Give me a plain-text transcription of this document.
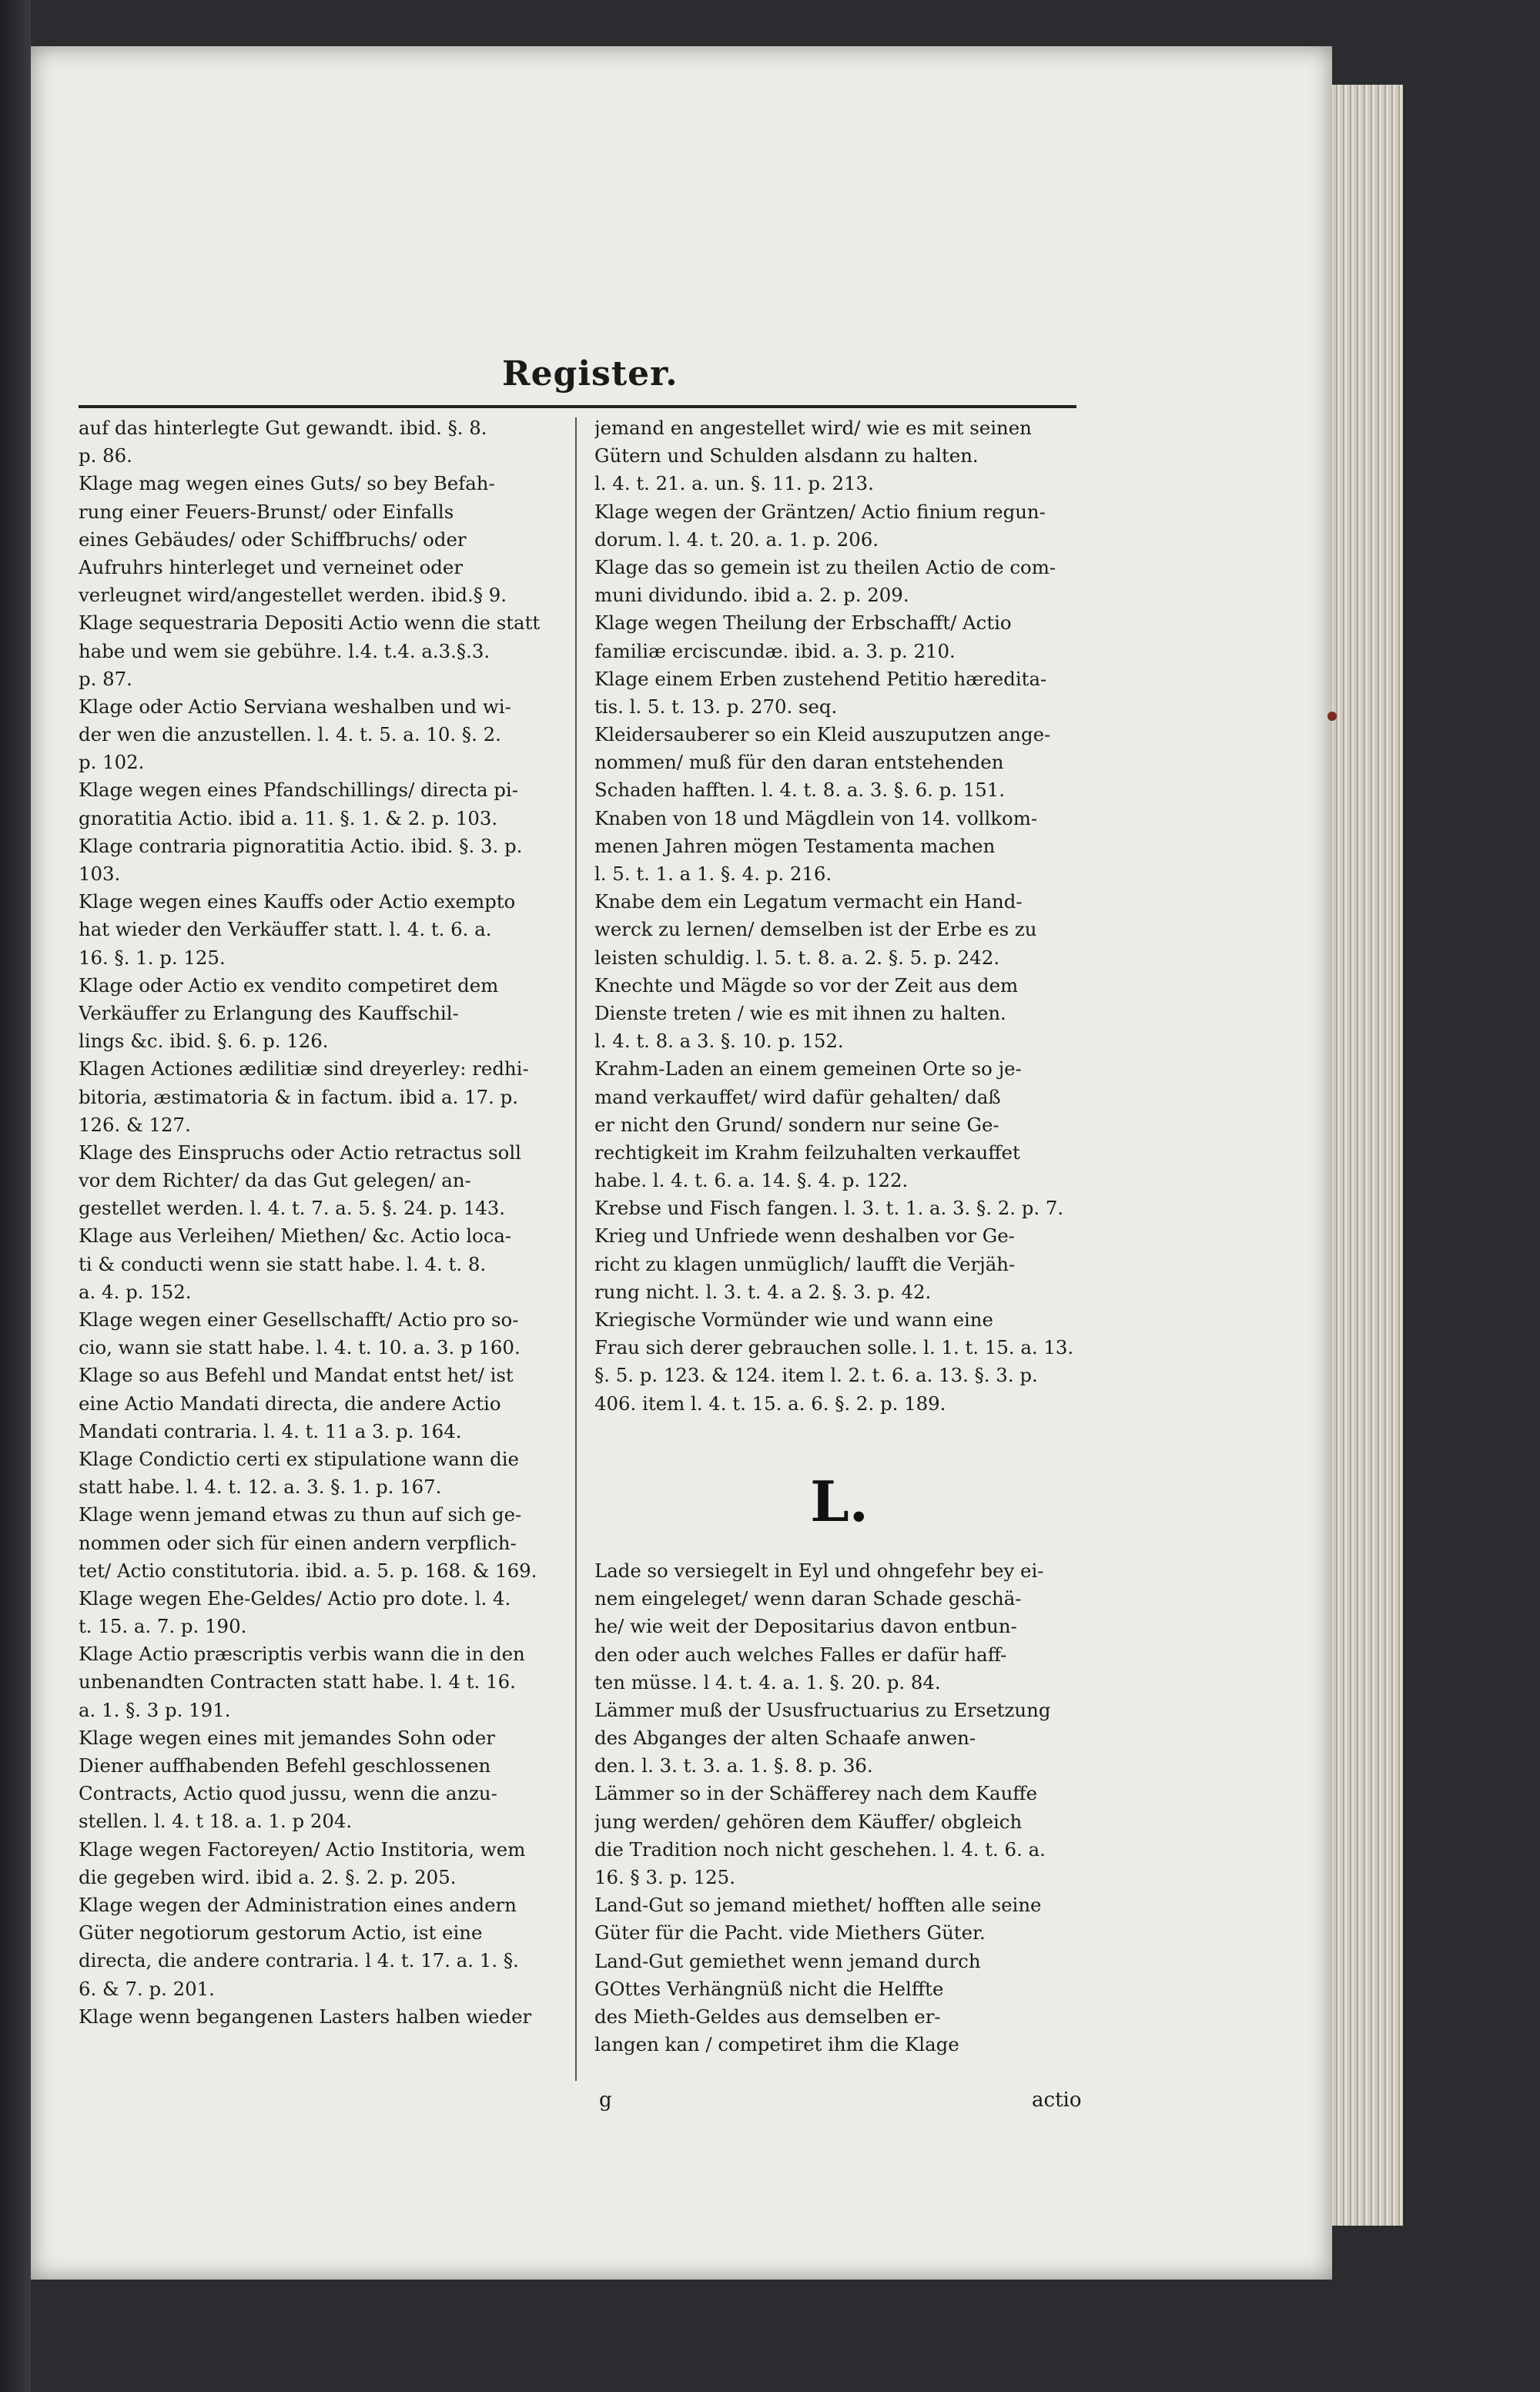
Register.
auf das hinterlegte Gut gewandt. ibid. §. 8.
p. 86.
Klage mag wegen eines Guts/ so bey Befah-
rung einer Feuers-Brunst/ oder Einfalls
eines Gebäudes/ oder Schiffbruchs/ oder
Aufruhrs hinterleget und verneinet oder
verleugnet wird/angestellet werden. ibid.§ 9.
Klage sequestraria Depositi Actio wenn die statt
habe und wem sie gebühre. l.4. t.4. a.3.§.3.
p. 87.
Klage oder Actio Serviana weshalben und wi-
der wen die anzustellen. l. 4. t. 5. a. 10. §. 2.
p. 102.
Klage wegen eines Pfandschillings/ directa pi-
gnoratitia Actio. ibid a. 11. §. 1. & 2. p. 103.
Klage contraria pignoratitia Actio. ibid. §. 3. p.
103.
Klage wegen eines Kauffs oder Actio exempto
hat wieder den Verkäuffer statt. l. 4. t. 6. a.
16. §. 1. p. 125.
Klage oder Actio ex vendito competiret dem
Verkäuffer zu Erlangung des Kauffschil-
lings &c. ibid. §. 6. p. 126.
Klagen Actiones ædilitiæ sind dreyerley: redhi-
bitoria, æstimatoria & in factum. ibid a. 17. p.
126. & 127.
Klage des Einspruchs oder Actio retractus soll
vor dem Richter/ da das Gut gelegen/ an-
gestellet werden. l. 4. t. 7. a. 5. §. 24. p. 143.
Klage aus Verleihen/ Miethen/ &c. Actio loca-
ti & conducti wenn sie statt habe. l. 4. t. 8.
a. 4. p. 152.
Klage wegen einer Gesellschafft/ Actio pro so-
cio, wann sie statt habe. l. 4. t. 10. a. 3. p 160.
Klage so aus Befehl und Mandat entst het/ ist
eine Actio Mandati directa, die andere Actio
Mandati contraria. l. 4. t. 11 a 3. p. 164.
Klage Condictio certi ex stipulatione wann die
statt habe. l. 4. t. 12. a. 3. §. 1. p. 167.
Klage wenn jemand etwas zu thun auf sich ge-
nommen oder sich für einen andern verpflich-
tet/ Actio constitutoria. ibid. a. 5. p. 168. & 169.
Klage wegen Ehe-Geldes/ Actio pro dote. l. 4.
t. 15. a. 7. p. 190.
Klage Actio præscriptis verbis wann die in den
unbenandten Contracten statt habe. l. 4 t. 16.
a. 1. §. 3 p. 191.
Klage wegen eines mit jemandes Sohn oder
Diener auffhabenden Befehl geschlossenen
Contracts, Actio quod jussu, wenn die anzu-
stellen. l. 4. t 18. a. 1. p 204.
Klage wegen Factoreyen/ Actio Institoria, wem
die gegeben wird. ibid a. 2. §. 2. p. 205.
Klage wegen der Administration eines andern
Güter negotiorum gestorum Actio, ist eine
directa, die andere contraria. l 4. t. 17. a. 1. §.
6. & 7. p. 201.
Klage wenn begangenen Lasters halben wieder
jemand en angestellet wird/ wie es mit seinen
Gütern und Schulden alsdann zu halten.
l. 4. t. 21. a. un. §. 11. p. 213.
Klage wegen der Gräntzen/ Actio finium regun-
dorum. l. 4. t. 20. a. 1. p. 206.
Klage das so gemein ist zu theilen Actio de com-
muni dividundo. ibid a. 2. p. 209.
Klage wegen Theilung der Erbschafft/ Actio
familiæ erciscundæ. ibid. a. 3. p. 210.
Klage einem Erben zustehend Petitio hæredita-
tis. l. 5. t. 13. p. 270. seq.
Kleidersauberer so ein Kleid auszuputzen ange-
nommen/ muß für den daran entstehenden
Schaden hafften. l. 4. t. 8. a. 3. §. 6. p. 151.
Knaben von 18 und Mägdlein von 14. vollkom-
menen Jahren mögen Testamenta machen
l. 5. t. 1. a 1. §. 4. p. 216.
Knabe dem ein Legatum vermacht ein Hand-
werck zu lernen/ demselben ist der Erbe es zu
leisten schuldig. l. 5. t. 8. a. 2. §. 5. p. 242.
Knechte und Mägde so vor der Zeit aus dem
Dienste treten / wie es mit ihnen zu halten.
l. 4. t. 8. a 3. §. 10. p. 152.
Krahm-Laden an einem gemeinen Orte so je-
mand verkauffet/ wird dafür gehalten/ daß
er nicht den Grund/ sondern nur seine Ge-
rechtigkeit im Krahm feilzuhalten verkauffet
habe. l. 4. t. 6. a. 14. §. 4. p. 122.
Krebse und Fisch fangen. l. 3. t. 1. a. 3. §. 2. p. 7.
Krieg und Unfriede wenn deshalben vor Ge-
richt zu klagen unmüglich/ laufft die Verjäh-
rung nicht. l. 3. t. 4. a 2. §. 3. p. 42.
Kriegische Vormünder wie und wann eine
Frau sich derer gebrauchen solle. l. 1. t. 15. a. 13.
§. 5. p. 123. & 124. item l. 2. t. 6. a. 13. §. 3. p.
406. item l. 4. t. 15. a. 6. §. 2. p. 189.
L.
Lade so versiegelt in Eyl und ohngefehr bey ei-
nem eingeleget/ wenn daran Schade geschä-
he/ wie weit der Depositarius davon entbun-
den oder auch welches Falles er dafür haff-
ten müsse. l 4. t. 4. a. 1. §. 20. p. 84.
Lämmer muß der Ususfructuarius zu Ersetzung
des Abganges der alten Schaafe anwen-
den. l. 3. t. 3. a. 1. §. 8. p. 36.
Lämmer so in der Schäfferey nach dem Kauffe
jung werden/ gehören dem Käuffer/ obgleich
die Tradition noch nicht geschehen. l. 4. t. 6. a.
16. § 3. p. 125.
Land-Gut so jemand miethet/ hofften alle seine
Güter für die Pacht. vide Miethers Güter.
Land-Gut gemiethet wenn jemand durch
GOttes Verhängnüß nicht die Helffte
des Mieth-Geldes aus demselben er-
langen kan / competiret ihm die Klage
g	actio
